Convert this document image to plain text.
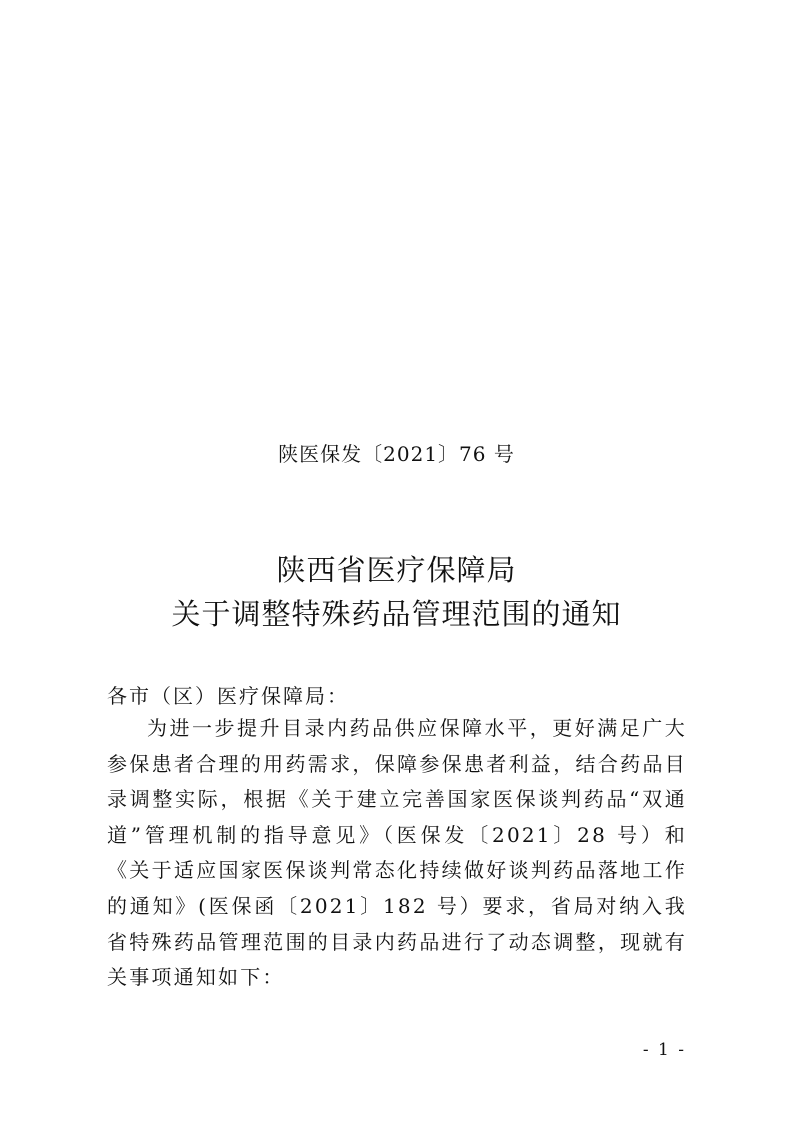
陕医保发〔2021〕76 号
陕西省医疗保障局
关于调整特殊药品管理范围的通知
各市（区）医疗保障局：
为进一步提升目录内药品供应保障水平，更好满足广大参保患者合理的用药需求，保障参保患者利益，结合药品目录调整实际，根据《关于建立完善国家医保谈判药品“双通道”管理机制的指导意见》（医保发〔2021〕28 号）和《关于适应国家医保谈判常态化持续做好谈判药品落地工作的通知》(医保函〔2021〕182 号）要求，省局对纳入我省特殊药品管理范围的目录内药品进行了动态调整，现就有关事项通知如下：
- 1 -
